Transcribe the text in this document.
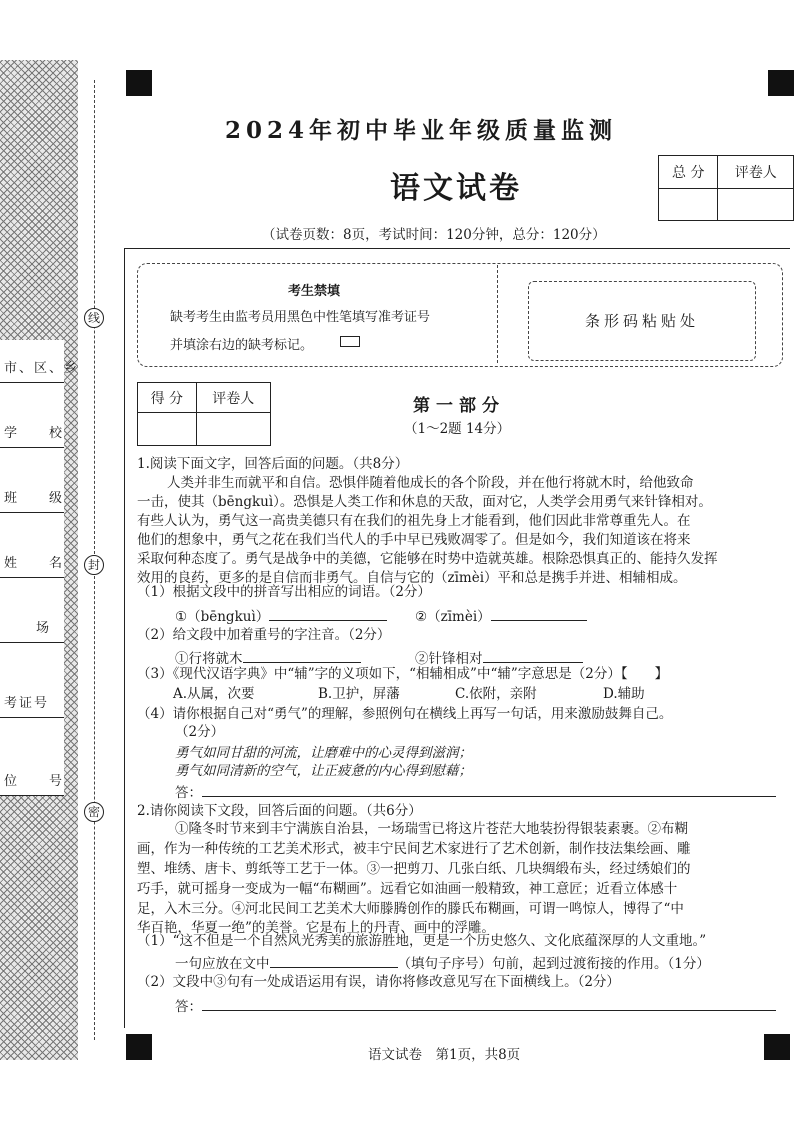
市、区、乡
学　　校
班　　级
姓　　名
场
考证号
位　　号
线
封
密
2024年初中毕业年级质量监测
语文试卷	总 分	评卷人

（试卷页数：8页，考试时间：120分钟，总分：120分）
考生禁填
缺考考生由监考员用黑色中性笔填写准考证号
并填涂右边的缺考标记。
条形码粘贴处
得 分	评卷人
		第一部分
（1～2题 14分）
1.阅读下面文字，回答后面的问题。（共8分）
人类并非生而就平和自信。恐惧伴随着他成长的各个阶段，并在他行将就木时，给他致命
一击，使其（bēngkuì）。恐惧是人类工作和休息的天敌，面对它，人类学会用勇气来针锋相对。
有些人认为，勇气这一高贵美德只有在我们的祖先身上才能看到，他们因此非常尊重先人。在
他们的想象中，勇气之花在我们当代人的手中早已残败凋零了。但是如今，我们知道该在将来
采取何种态度了。勇气是战争中的美德，它能够在时势中造就英雄。根除恐惧真正的、能持久发挥
效用的良药，更多的是自信而非勇气。自信与它的（zīmèi）平和总是携手并进、相辅相成。
（1）根据文段中的拼音写出相应的词语。（2分）
①（bēngkuì）	②（zīmèi）
（2）给文段中加着重号的字注音。（2分）
①行将就木	②针锋相对
（3）《现代汉语字典》中“辅”字的义项如下，“相辅相成”中“辅”字意思是（2分）【　　】
A.从属，次要	B.卫护，屏藩	C.依附，亲附	D.辅助
（4）请你根据自己对“勇气”的理解，参照例句在横线上再写一句话，用来激励鼓舞自己。
（2分）
勇气如同甘甜的河流，让磨难中的心灵得到滋润；
勇气如同清新的空气，让正疲惫的内心得到慰藉；
答：
2.请你阅读下文段，回答后面的问题。（共6分）
①隆冬时节来到丰宁满族自治县，一场瑞雪已将这片苍茫大地装扮得银装素裹。②布糊
画，作为一种传统的工艺美术形式，被丰宁民间艺术家进行了艺术创新，制作技法集绘画、雕
塑、堆绣、唐卡、剪纸等工艺于一体。③一把剪刀、几张白纸、几块绸缎布头，经过绣娘们的
巧手，就可摇身一变成为一幅“布糊画”。远看它如油画一般精致，神工意匠；近看立体感十
足，入木三分。④河北民间工艺美术大师滕腾创作的滕氏布糊画，可谓一鸣惊人，博得了“中
华百艳，华夏一绝”的美誉。它是布上的丹青、画中的浮雕。
（1）“这不但是一个自然风光秀美的旅游胜地，更是一个历史悠久、文化底蕴深厚的人文重地。”
一句应放在文中	（填句子序号）句前，起到过渡衔接的作用。（1分）
（2）文段中③句有一处成语运用有误，请你将修改意见写在下面横线上。（2分）
答：
语文试卷　第1页，共8页
